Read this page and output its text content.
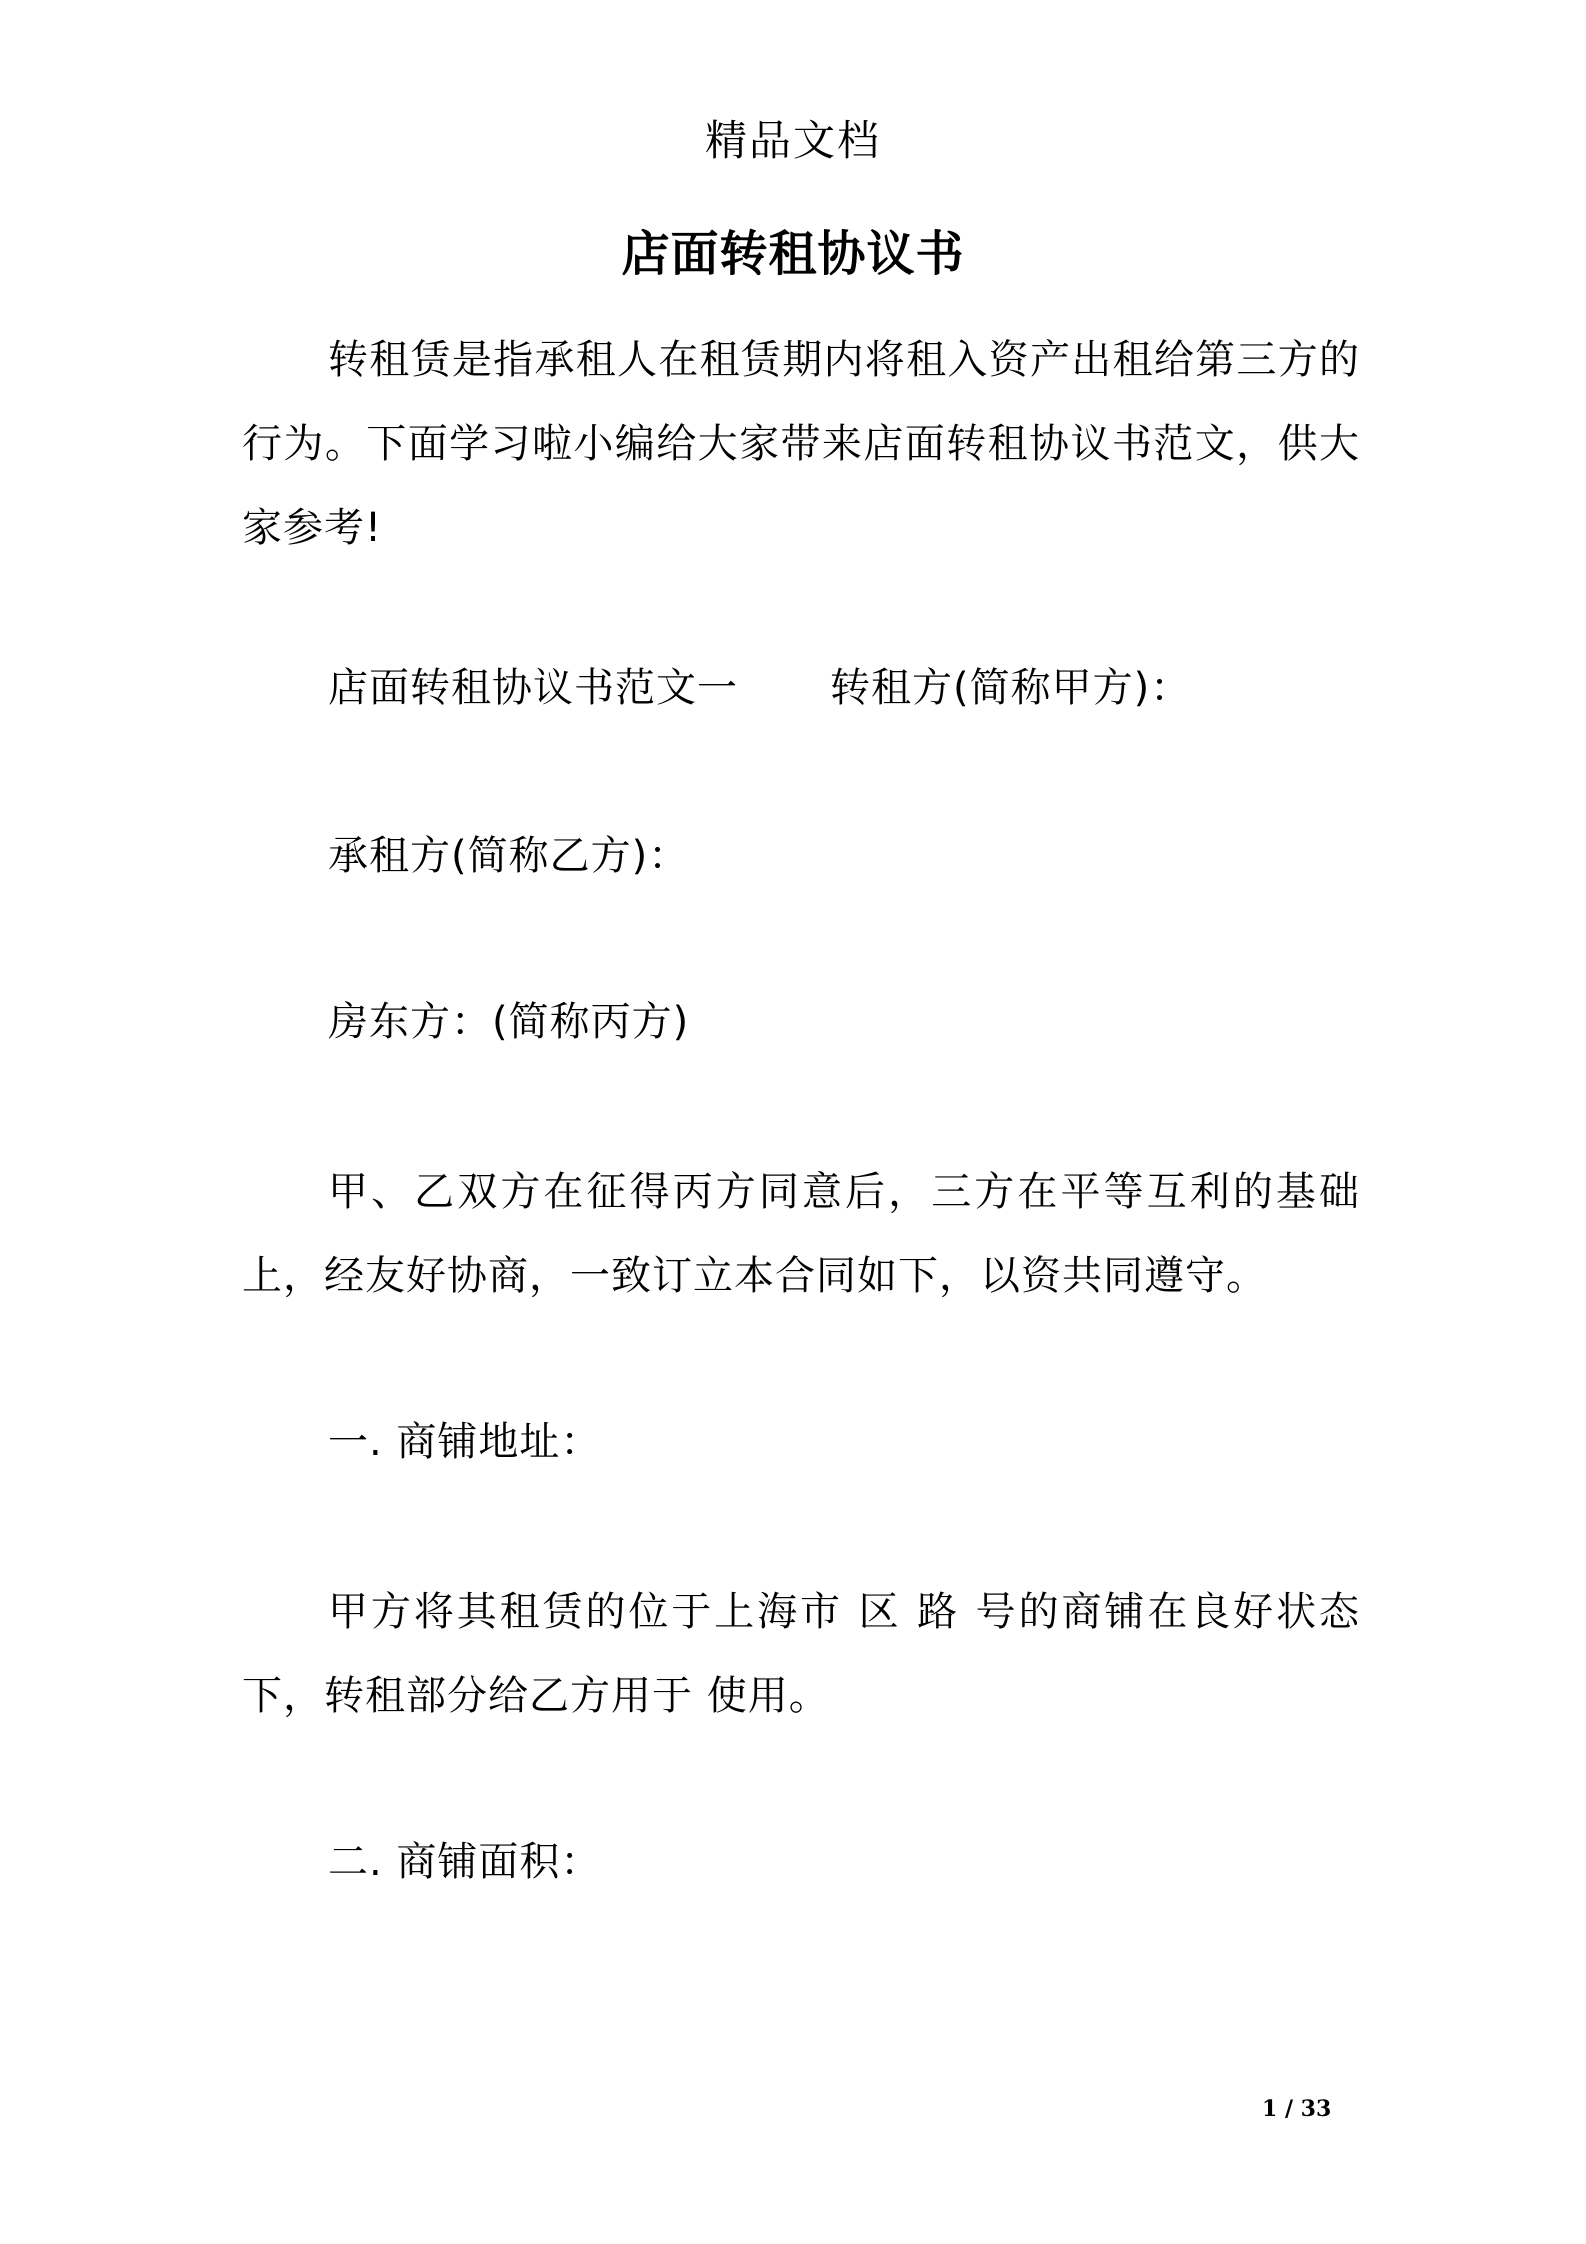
精品文档
店面转租协议书
转租赁是指承租人在租赁期内将租入资产出租给第三方的行为。下面学习啦小编给大家带来店面转租协议书范文，供大家参考!
店面转租协议书范文一 转租方(简称甲方)：
承租方(简称乙方)：
房东方：(简称丙方)
甲、乙双方在征得丙方同意后，三方在平等互利的基础上，经友好协商，一致订立本合同如下，以资共同遵守。
一. 商铺地址：
甲方将其租赁的位于上海市 区 路 号的商铺在良好状态下，转租部分给乙方用于 使用。
二. 商铺面积：
1 / 33
